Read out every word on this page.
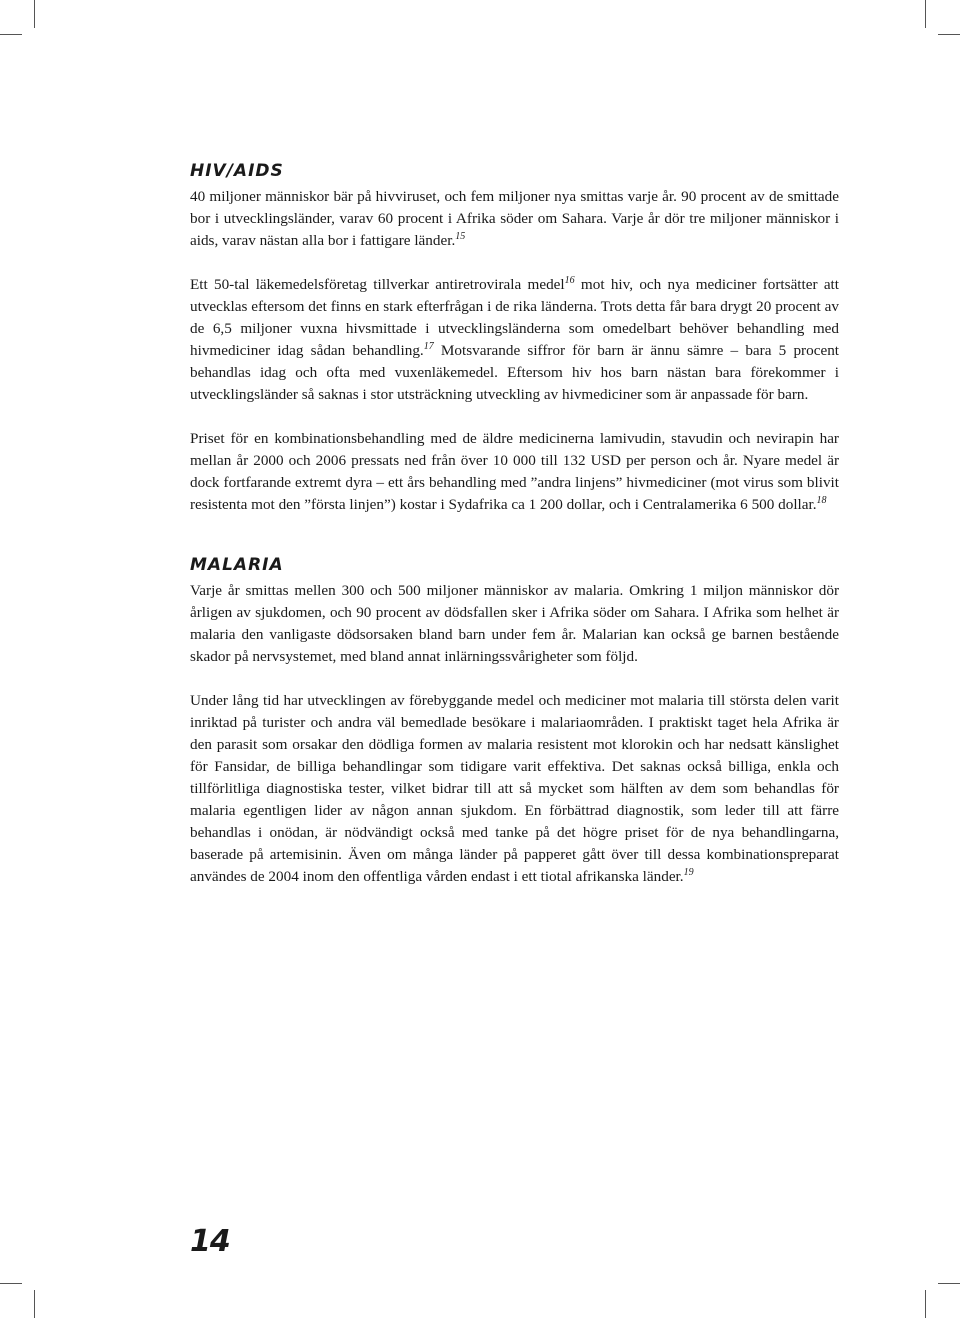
HIV/AIDS

40 miljoner människor bär på hivviruset, och fem miljoner nya smittas varje år. 90 procent av de smittade bor i utvecklingsländer, varav 60 procent i Afrika söder om Sahara. Varje år dör tre miljoner människor i aids, varav nästan alla bor i fattigare länder.$^{15}$

Ett 50-tal läkemedelsföretag tillverkar antiretrovirala medel$^{16}$ mot hiv, och nya mediciner fortsätter att utvecklas eftersom det finns en stark efterfrågan i de rika länderna. Trots detta får bara drygt 20 procent av de 6,5 miljoner vuxna hivsmittade i utvecklingsländerna som omedelbart behöver behandling med hivmediciner idag sådan behandling.$^{17}$ Motsvarande siffror för barn är ännu sämre – bara 5 procent behandlas idag och ofta med vuxenläkemedel. Eftersom hiv hos barn nästan bara förekommer i utvecklingsländer så saknas i stor utsträckning utveckling av hivmediciner som är anpassade för barn.

Priset för en kombinationsbehandling med de äldre medicinerna lamivudin, stavudin och nevirapin har mellan år 2000 och 2006 pressats ned från över 10 000 till 132 USD per person och år. Nyare medel är dock fortfarande extremt dyra – ett års behandling med ”andra linjens” hivmediciner (mot virus som blivit resistenta mot den ”första linjen”) kostar i Sydafrika ca 1 200 dollar, och i Centralamerika 6 500 dollar.$^{18}$

MALARIA

Varje år smittas mellen 300 och 500 miljoner människor av malaria. Omkring 1 miljon människor dör årligen av sjukdomen, och 90 procent av dödsfallen sker i Afrika söder om Sahara. I Afrika som helhet är malaria den vanligaste dödsorsaken bland barn under fem år. Malarian kan också ge barnen bestående skador på nervsystemet, med bland annat inlärningssvårigheter som följd.

Under lång tid har utvecklingen av förebyggande medel och mediciner mot malaria till största delen varit inriktad på turister och andra väl bemedlade besökare i malariaområden. I praktiskt taget hela Afrika är den parasit som orsakar den dödliga formen av malaria resistent mot klorokin och har nedsatt känslighet för Fansidar, de billiga behandlingar som tidigare varit effektiva. Det saknas också billiga, enkla och tillförlitliga diagnostiska tester, vilket bidrar till att så mycket som hälften av dem som behandlas för malaria egentligen lider av någon annan sjukdom. En förbättrad diagnostik, som leder till att färre behandlas i onödan, är nödvändigt också med tanke på det högre priset för de nya behandlingarna, baserade på artemisinin. Även om många länder på papperet gått över till dessa kombinationspreparat användes de 2004 inom den offentliga vården endast i ett tiotal afrikanska länder.$^{19}$

14
